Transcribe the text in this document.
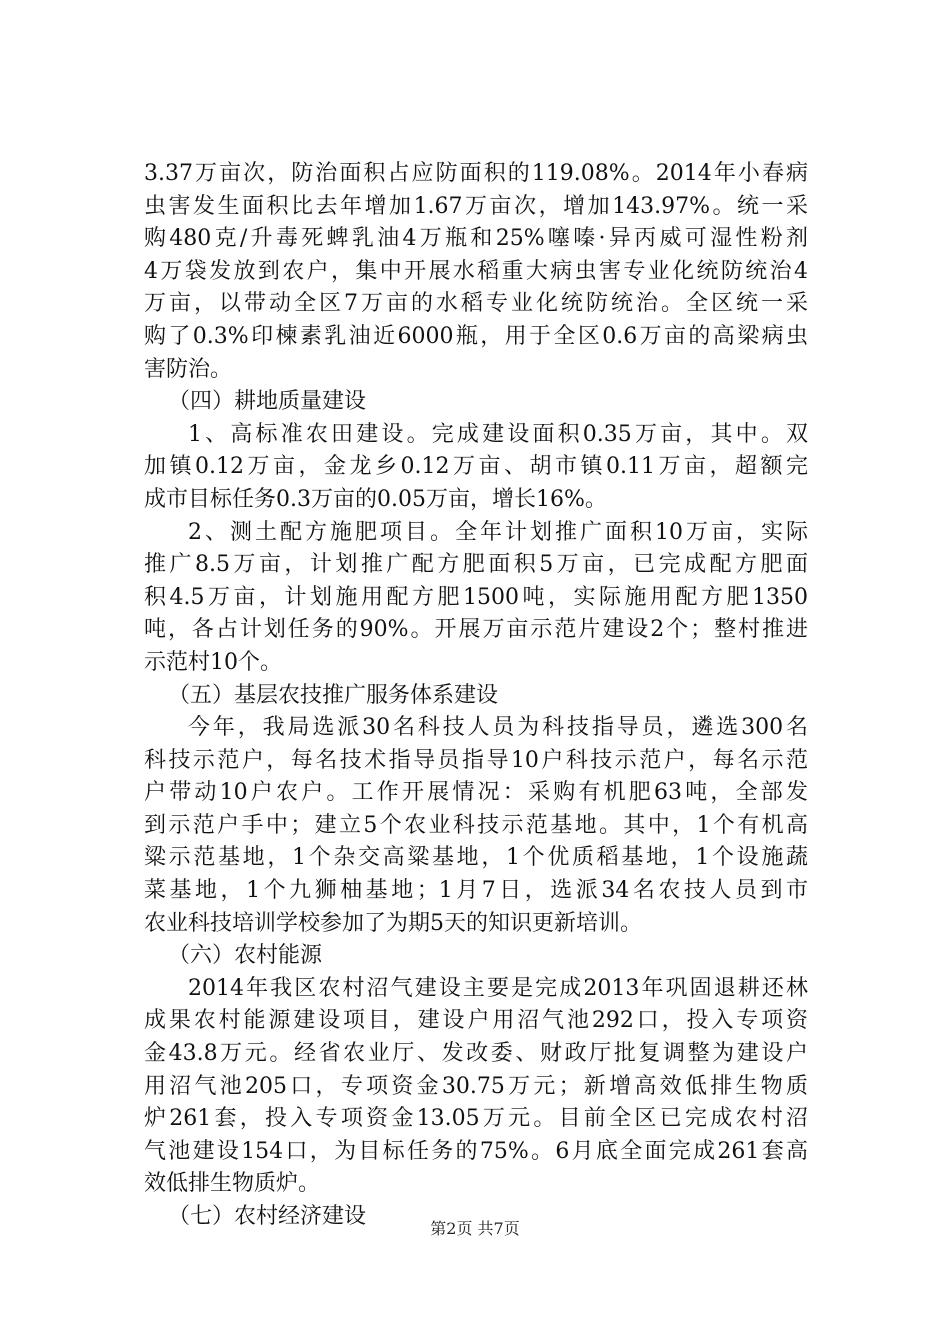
3.37万亩次，防治面积占应防面积的119.08%。2014年小春病
虫害发生面积比去年增加1.67万亩次，增加143.97%。统一采
购480克/升毒死蜱乳油4万瓶和25%噻嗪·异丙威可湿性粉剂
4万袋发放到农户，集中开展水稻重大病虫害专业化统防统治4
万亩，以带动全区7万亩的水稻专业化统防统治。全区统一采
购了0.3%印楝素乳油近6000瓶，用于全区0.6万亩的高梁病虫
害防治。
（四）耕地质量建设
1、高标准农田建设。完成建设面积0.35万亩，其中。双
加镇0.12万亩，金龙乡0.12万亩、胡市镇0.11万亩，超额完
成市目标任务0.3万亩的0.05万亩，增长16%。
2、测土配方施肥项目。全年计划推广面积10万亩，实际
推广8.5万亩，计划推广配方肥面积5万亩，已完成配方肥面
积4.5万亩，计划施用配方肥1500吨，实际施用配方肥1350
吨，各占计划任务的90%。开展万亩示范片建设2个；整村推进
示范村10个。
（五）基层农技推广服务体系建设
今年，我局选派30名科技人员为科技指导员，遴选300名
科技示范户，每名技术指导员指导10户科技示范户，每名示范
户带动10户农户。工作开展情况：采购有机肥63吨，全部发
到示范户手中；建立5个农业科技示范基地。其中，1个有机高
粱示范基地，1个杂交高粱基地，1个优质稻基地，1个设施蔬
菜基地，1个九狮柚基地；1月7日，选派34名农技人员到市
农业科技培训学校参加了为期5天的知识更新培训。
（六）农村能源
2014年我区农村沼气建设主要是完成2013年巩固退耕还林
成果农村能源建设项目，建设户用沼气池292口，投入专项资
金43.8万元。经省农业厅、发改委、财政厅批复调整为建设户
用沼气池205口，专项资金30.75万元；新增高效低排生物质
炉261套，投入专项资金13.05万元。目前全区已完成农村沼
气池建设154口，为目标任务的75%。6月底全面完成261套高
效低排生物质炉。
（七）农村经济建设	第2页 共7页
